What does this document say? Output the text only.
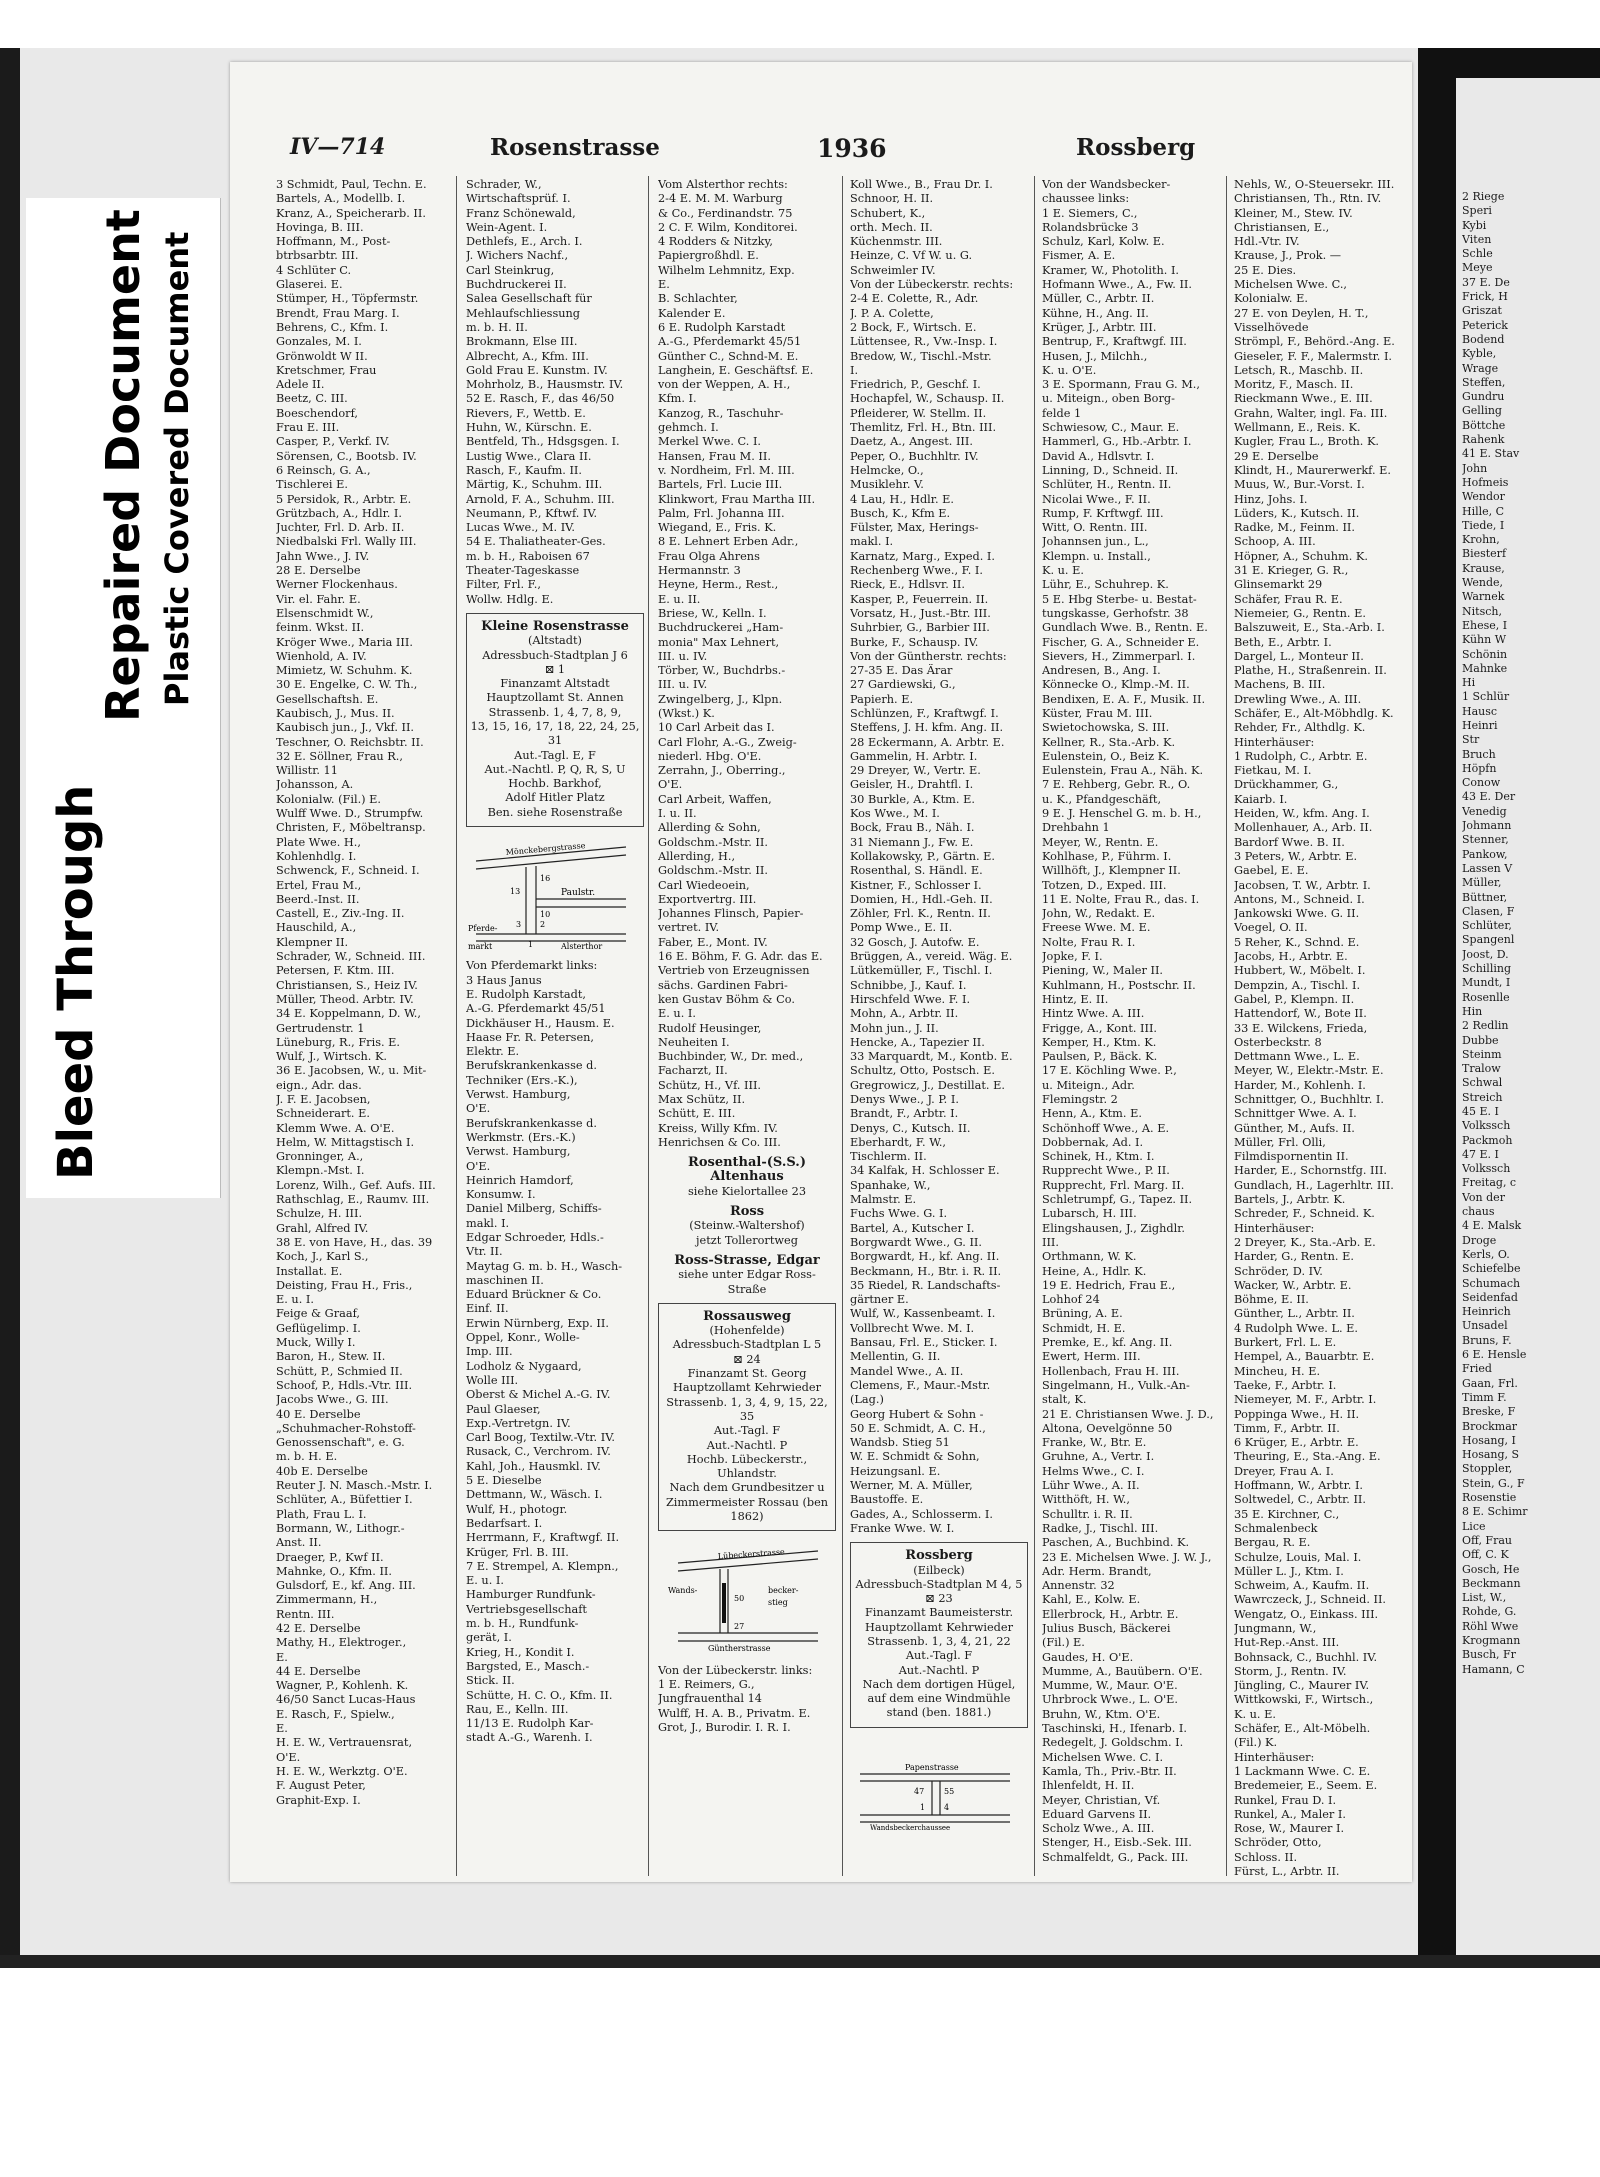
Bleed Through
Repaired Document Plastic Covered Document
IV—714	Rosenstrasse	1936	Rossberg

3 Schmidt, Paul, Techn. E.

Bartels, A., Modellb. I.

Kranz, A., Speicherarb. II.

Hovinga, B. III.

Hoffmann, M., Post-

btrbsarbtr. III.

4 Schlüter C.

Glaserei. E.

Stümper, H., Töpfermstr.

Brendt, Frau Marg. I.

Behrens, C., Kfm. I.

Gonzales, M. I.

Grönwoldt W II.

Kretschmer, Frau

Adele II.

Beetz, C. III.

Boeschendorf,

Frau E. III.

Casper, P., Verkf. IV.

Sörensen, C., Bootsb. IV.

6 Reinsch, G. A.,

Tischlerei E.

5 Persidok, R., Arbtr. E.

Grützbach, A., Hdlr. I.

Juchter, Frl. D. Arb. II.

Niedbalski Frl. Wally III.

Jahn Wwe., J. IV.

28 E. Derselbe

Werner Flockenhaus.

Vir. el. Fahr. E.

Elsenschmidt W.,

feinm. Wkst. II.

Kröger Wwe., Maria III.

Wienhold, A. IV.

Mimietz, W. Schuhm. K.

30 E. Engelke, C. W. Th.,

Gesellschaftsh. E.

Kaubisch, J., Mus. II.

Kaubisch jun., J., Vkf. II.

Teschner, O. Reichsbtr. II.

32 E. Söllner, Frau R.,

Willistr. 11

Johansson, A.

Kolonialw. (Fil.) E.

Wulff Wwe. D., Strumpfw.

Christen, F., Möbeltransp.

Plate Wwe. H.,

Kohlenhdlg. I.

Schwenck, F., Schneid. I.

Ertel, Frau M.,

Beerd.-Inst. II.

Castell, E., Ziv.-Ing. II.

Hauschild, A.,

Klempner II.

Schrader, W., Schneid. III.

Petersen, F. Ktm. III.

Christiansen, S., Heiz IV.

Müller, Theod. Arbtr. IV.

34 E. Koppelmann, D. W.,

Gertrudenstr. 1

Lüneburg, R., Fris. E.

Wulf, J., Wirtsch. K.

36 E. Jacobsen, W., u. Mit-

eign., Adr. das.

J. F. E. Jacobsen,

Schneiderart. E.

Klemm Wwe. A. O'E.

Helm, W. Mittagstisch I.

Gronninger, A.,

Klempn.-Mst. I.

Lorenz, Wilh., Gef. Aufs. III.

Rathschlag, E., Raumv. III.

Schulze, H. III.

Grahl, Alfred IV.

38 E. von Have, H., das. 39

Koch, J., Karl S.,

Installat. E.

Deisting, Frau H., Fris.,

E. u. I.

Feige & Graaf,

Geflügelimp. I.

Muck, Willy I.

Baron, H., Stew. II.

Schütt, P., Schmied II.

Schoof, P., Hdls.-Vtr. III.

Jacobs Wwe., G. III.

40 E. Derselbe

„Schuhmacher-Rohstoff-

Genossenschaft", e. G.

m. b. H. E.

40b E. Derselbe

Reuter J. N. Masch.-Mstr. I.

Schlüter, A., Büfettier I.

Plath, Frau L. I.

Bormann, W., Lithogr.-

Anst. II.

Draeger, P., Kwf II.

Mahnke, O., Kfm. II.

Gulsdorf, E., kf. Ang. III.

Zimmermann, H.,

Rentn. III.

42 E. Derselbe

Mathy, H., Elektroger.,

E.

44 E. Derselbe

Wagner, P., Kohlenh. K.

46/50 Sanct Lucas-Haus

E. Rasch, F., Spielw.,

E.

H. E. W., Vertrauensrat,

O'E.

H. E. W., Werkztg. O'E.

F. August Peter,

Graphit-Exp. I.

Schrader, W.,

Wirtschaftsprüf. I.

Franz Schönewald,

Wein-Agent. I.

Dethlefs, E., Arch. I.

J. Wichers Nachf.,

Carl Steinkrug,

Buchdruckerei II.

Salea Gesellschaft für

Mehlaufschliessung

m. b. H. II.

Brokmann, Else III.

Albrecht, A., Kfm. III.

Gold Frau E. Kunstm. IV.

Mohrholz, B., Hausmstr. IV.

52 E. Rasch, F., das 46/50

Rievers, F., Wettb. E.

Huhn, W., Kürschn. E.

Bentfeld, Th., Hdsgsgen. I.

Lustig Wwe., Clara II.

Rasch, F., Kaufm. II.

Märtig, K., Schuhm. III.

Arnold, F. A., Schuhm. III.

Neumann, P., Kftwf. IV.

Lucas Wwe., M. IV.

54 E. Thaliatheater-Ges.

m. b. H., Raboisen 67

Theater-Tageskasse

Filter, Frl. F.,

Wollw. Hdlg. E.

Kleine Rosenstrasse

(Altstadt)

Adressbuch-Stadtplan J 6

⊠ 1

Finanzamt Altstadt

Hauptzollamt St. Annen

Strassenb. 1, 4, 7, 8, 9,

13, 15, 16, 17, 18, 22, 24, 25, 31

Aut.-Tagl. E, F

Aut.-Nachtl. P, Q, R, S, U

Hochb. Barkhof,

Adolf Hitler Platz

Ben. siehe Rosenstraße

Mönckebergstrasse
Paulstr.
Pferde-
markt	Alsterthor
16
13
10
3 2
1

Von Pferdemarkt links:

3 Haus Janus

E. Rudolph Karstadt,

A.-G. Pferdemarkt 45/51

Dickhäuser H., Hausm. E.

Haase Fr. R. Petersen,

Elektr. E.

Berufskrankenkasse d.

Techniker (Ers.-K.),

Verwst. Hamburg,

O'E.

Berufskrankenkasse d.

Werkmstr. (Ers.-K.)

Verwst. Hamburg,

O'E.

Heinrich Hamdorf,

Konsumw. I.

Daniel Milberg, Schiffs-

makl. I.

Edgar Schroeder, Hdls.-

Vtr. II.

Maytag G. m. b. H., Wasch-

maschinen II.

Eduard Brückner & Co.

Einf. II.

Erwin Nürnberg, Exp. II.

Oppel, Konr., Wolle-

Imp. III.

Lodholz & Nygaard,

Wolle III.

Oberst & Michel A.-G. IV.

Paul Glaeser,

Exp.-Vertretgn. IV.

Carl Boog, Textilw.-Vtr. IV.

Rusack, C., Verchrom. IV.

Kahl, Joh., Hausmkl. IV.

5 E. Dieselbe

Dettmann, W., Wäsch. I.

Wulf, H., photogr.

Bedarfsart. I.

Herrmann, F., Kraftwgf. II.

Krüger, Frl. B. III.

7 E. Strempel, A. Klempn.,

E. u. I.

Hamburger Rundfunk-

Vertriebsgesellschaft

m. b. H., Rundfunk-

gerät, I.

Krieg, H., Kondit I.

Bargsted, E., Masch.-

Stick. II.

Schütte, H. C. O., Kfm. II.

Rau, E., Kelln. III.

11/13 E. Rudolph Kar-

stadt A.-G., Warenh. I.

Vom Alsterthor rechts:

2-4 E. M. M. Warburg

& Co., Ferdinandstr. 75

2 C. F. Wilm, Konditorei.

4 Rodders & Nitzky,

Papiergroßhdl. E.

Wilhelm Lehmnitz, Exp.

E.

B. Schlachter,

Kalender E.

6 E. Rudolph Karstadt

A.-G., Pferdemarkt 45/51

Günther C., Schnd-M. E.

Langhein, E. Geschäftsf. E.

von der Weppen, A. H.,

Kfm. I.

Kanzog, R., Taschuhr-

gehmch. I.

Merkel Wwe. C. I.

Hansen, Frau M. II.

v. Nordheim, Frl. M. III.

Bartels, Frl. Lucie III.

Klinkwort, Frau Martha III.

Palm, Frl. Johanna III.

Wiegand, E., Fris. K.

8 E. Lehnert Erben Adr.,

Frau Olga Ahrens

Hermannstr. 3

Heyne, Herm., Rest.,

E. u. II.

Briese, W., Kelln. I.

Buchdruckerei „Ham-

monia" Max Lehnert,

III. u. IV.

Törber, W., Buchdrbs.-

III. u. IV.

Zwingelberg, J., Klpn.

(Wkst.) K.

10 Carl Arbeit das I.

Carl Flohr, A.-G., Zweig-

niederl. Hbg. O'E.

Zerrahn, J., Oberring.,

O'E.

Carl Arbeit, Waffen,

I. u. II.

Allerding & Sohn,

Goldschm.-Mstr. II.

Allerding, H.,

Goldschm.-Mstr. II.

Carl Wiedeoein,

Exportvertrg. III.

Johannes Flinsch, Papier-

vertret. IV.

Faber, E., Mont. IV.

16 E. Böhm, F. G. Adr. das E.

Vertrieb von Erzeugnissen

sächs. Gardinen Fabri-

ken Gustav Böhm & Co.

E. u. I.

Rudolf Heusinger,

Neuheiten I.

Buchbinder, W., Dr. med.,

Facharzt, II.

Schütz, H., Vf. III.

Max Schütz, II.

Schütt, E. III.

Kreiss, Willy Kfm. IV.

Henrichsen & Co. III.

Rosenthal-(S.S.) Altenhaus

siehe Kielortallee 23

Ross

(Steinw.-Waltershof)

jetzt Tollerortweg

Ross-Strasse, Edgar

siehe unter Edgar Ross-

Straße

Rossausweg

(Hohenfelde)

Adressbuch-Stadtplan L 5

⊠ 24

Finanzamt St. Georg

Hauptzollamt Kehrwieder

Strassenb. 1, 3, 4, 9, 15, 22, 35

Aut.-Tagl. F

Aut.-Nachtl. P

Hochb. Lübeckerstr.,

Uhlandstr.

Nach dem Grundbesitzer u

Zimmermeister Rossau (ben

1862)

Lübeckerstrasse
Wands-	becker-
stieg
50
27
Güntherstrasse

Von der Lübeckerstr. links:

1 E. Reimers, G.,

Jungfrauenthal 14

Wulff, H. A. B., Privatm. E.

Grot, J., Burodir. I. R. I.

Koll Wwe., B., Frau Dr. I.

Schnoor, H. II.

Schubert, K.,

orth. Mech. II.

Küchenmstr. III.

Heinze, C. Vf W. u. G.

Schweimler IV.

Von der Lübeckerstr. rechts:

2-4 E. Colette, R., Adr.

J. P. A. Colette,

2 Bock, F., Wirtsch. E.

Lüttensee, R., Vw.-Insp. I.

Bredow, W., Tischl.-Mstr.

I.

Friedrich, P., Geschf. I.

Hochapfel, W., Schausp. II.

Pfleiderer, W. Stellm. II.

Themlitz, Frl. H., Btn. III.

Daetz, A., Angest. III.

Peper, O., Buchhltr. IV.

Helmcke, O.,

Musiklehr. V.

4 Lau, H., Hdlr. E.

Busch, K., Kfm E.

Fülster, Max, Herings-

makl. I.

Karnatz, Marg., Exped. I.

Rechenberg Wwe., F. I.

Rieck, E., Hdlsvr. II.

Kasper, P., Feuerrein. II.

Vorsatz, H., Just.-Btr. III.

Suhrbier, G., Barbier III.

Burke, F., Schausp. IV.

Von der Güntherstr. rechts:

27-35 E. Das Ärar

27 Gardiewski, G.,

Papierh. E.

Schlünzen, F., Kraftwgf. I.

Steffens, J. H. kfm. Ang. II.

28 Eckermann, A. Arbtr. E.

Gammelin, H. Arbtr. I.

29 Dreyer, W., Vertr. E.

Geisler, H., Drahtfl. I.

30 Burkle, A., Ktm. E.

Kos Wwe., M. I.

Bock, Frau B., Näh. I.

31 Niemann J., Fw. E.

Kollakowsky, P., Gärtn. E.

Rosenthal, S. Händl. E.

Kistner, F., Schlosser I.

Domien, H., Hdl.-Geh. II.

Zöhler, Frl. K., Rentn. II.

Pomp Wwe., E. II.

32 Gosch, J. Autofw. E.

Brüggen, A., vereid. Wäg. E.

Lütkemüller, F., Tischl. I.

Schnibbe, J., Kauf. I.

Hirschfeld Wwe. F. I.

Mohn, A., Arbtr. II.

Mohn jun., J. II.

Hencke, A., Tapezier II.

33 Marquardt, M., Kontb. E.

Schultz, Otto, Postsch. E.

Gregrowicz, J., Destillat. E.

Denys Wwe., J. P. I.

Brandt, F., Arbtr. I.

Denys, C., Kutsch. II.

Eberhardt, F. W.,

Tischlerm. II.

34 Kalfak, H. Schlosser E.

Spanhake, W.,

Malmstr. E.

Fuchs Wwe. G. I.

Bartel, A., Kutscher I.

Borgwardt Wwe., G. II.

Borgwardt, H., kf. Ang. II.

Beckmann, H., Btr. i. R. II.

35 Riedel, R. Landschafts-

gärtner E.

Wulf, W., Kassenbeamt. I.

Vollbrecht Wwe. M. I.

Bansau, Frl. E., Sticker. I.

Mellentin, G. II.

Mandel Wwe., A. II.

Clemens, F., Maur.-Mstr.

(Lag.)

Georg Hubert & Sohn -

50 E. Schmidt, A. C. H.,

Wandsb. Stieg 51

W. E. Schmidt & Sohn,

Heizungsanl. E.

Werner, M. A. Müller,

Baustoffe. E.

Gades, A., Schlosserm. I.

Franke Wwe. W. I.

Rossberg

(Eilbeck)

Adressbuch-Stadtplan M 4, 5

⊠ 23

Finanzamt Baumeisterstr.

Hauptzollamt Kehrwieder

Strassenb. 1, 3, 4, 21, 22

Aut.-Tagl. F

Aut.-Nachtl. P

Nach dem dortigen Hügel,

auf dem eine Windmühle

stand (ben. 1881.)

Papenstrasse
47 55
1 4
Wandsbeckerchaussee

Von der Wandsbecker-

chaussee links:

1 E. Siemers, C.,

Rolandsbrücke 3

Schulz, Karl, Kolw. E.

Fismer, A. E.

Kramer, W., Photolith. I.

Hofmann Wwe., A., Fw. II.

Müller, C., Arbtr. II.

Kühne, H., Ang. II.

Krüger, J., Arbtr. III.

Bentrup, F., Kraftwgf. III.

Husen, J., Milchh.,

K. u. O'E.

3 E. Spormann, Frau G. M.,

u. Miteign., oben Borg-

felde 1

Schwiesow, C., Maur. E.

Hammerl, G., Hb.-Arbtr. I.

David A., Hdlsvtr. I.

Linning, D., Schneid. II.

Schlüter, H., Rentn. II.

Nicolai Wwe., F. II.

Rump, F. Krftwgf. III.

Witt, O. Rentn. III.

Johannsen jun., L.,

Klempn. u. Install.,

K. u. E.

Lühr, E., Schuhrep. K.

5 E. Hbg Sterbe- u. Bestat-

tungskasse, Gerhofstr. 38

Gundlach Wwe. B., Rentn. E.

Fischer, G. A., Schneider E.

Sievers, H., Zimmerparl. I.

Andresen, B., Ang. I.

Könnecke O., Klmp.-M. II.

Bendixen, E. A. F., Musik. II.

Küster, Frau M. III.

Swietochowska, S. III.

Kellner, R., Sta.-Arb. K.

Eulenstein, O., Beiz K.

Eulenstein, Frau A., Näh. K.

7 E. Rehberg, Gebr. R., O.

u. K., Pfandgeschäft,

9 E. J. Henschel G. m. b. H.,

Drehbahn 1

Meyer, W., Rentn. E.

Kohlhase, P., Führm. I.

Willhöft, J., Klempner II.

Totzen, D., Exped. III.

11 E. Nolte, Frau R., das. I.

John, W., Redakt. E.

Freese Wwe. M. E.

Nolte, Frau R. I.

Jopke, F. I.

Piening, W., Maler II.

Kuhlmann, H., Postschr. II.

Hintz, E. II.

Hintz Wwe. A. III.

Frigge, A., Kont. III.

Kemper, H., Ktm. K.

Paulsen, P., Bäck. K.

17 E. Köchling Wwe. P.,

u. Miteign., Adr.

Flemingstr. 2

Henn, A., Ktm. E.

Schönhoff Wwe., A. E.

Dobbernak, Ad. I.

Schinek, H., Ktm. I.

Rupprecht Wwe., P. II.

Rupprecht, Frl. Marg. II.

Schletrumpf, G., Tapez. II.

Lubarsch, H. III.

Elingshausen, J., Zighdlr.

III.

Orthmann, W. K.

Heine, A., Hdlr. K.

19 E. Hedrich, Frau E.,

Lohhof 24

Brüning, A. E.

Schmidt, H. E.

Premke, E., kf. Ang. II.

Ewert, Herm. III.

Hollenbach, Frau H. III.

Singelmann, H., Vulk.-An-

stalt, K.

21 E. Christiansen Wwe. J. D.,

Altona, Oevelgönne 50

Franke, W., Btr. E.

Gruhne, A., Vertr. I.

Helms Wwe., C. I.

Lühr Wwe., A. II.

Witthöft, H. W.,

Schulltr. i. R. II.

Radke, J., Tischl. III.

Paschen, A., Buchbind. K.

23 E. Michelsen Wwe. J. W. J.,

Adr. Herm. Brandt,

Annenstr. 32

Kahl, E., Kolw. E.

Ellerbrock, H., Arbtr. E.

Julius Busch, Bäckerei

(Fil.) E.

Gaudes, H. O'E.

Mumme, A., Bauübern. O'E.

Mumme, W., Maur. O'E.

Uhrbrock Wwe., L. O'E.

Bruhn, W., Ktm. O'E.

Taschinski, H., Ifenarb. I.

Redegelt, J. Goldschm. I.

Michelsen Wwe. C. I.

Kamla, Th., Priv.-Btr. II.

Ihlenfeldt, H. II.

Meyer, Christian, Vf.

Eduard Garvens II.

Scholz Wwe., A. III.

Stenger, H., Eisb.-Sek. III.

Schmalfeldt, G., Pack. III.

Nehls, W., O-Steuersekr. III.

Christiansen, Th., Rtn. IV.

Kleiner, M., Stew. IV.

Christiansen, E.,

Hdl.-Vtr. IV.

Krause, J., Prok. —

25 E. Dies.

Michelsen Wwe. C.,

Kolonialw. E.

27 E. von Deylen, H. T.,

Visselhövede

Strömpl, F., Behörd.-Ang. E.

Gieseler, F. F., Malermstr. I.

Letsch, R., Maschb. II.

Moritz, F., Masch. II.

Rieckmann Wwe., E. III.

Grahn, Walter, ingl. Fa. III.

Wellmann, E., Reis. K.

Kugler, Frau L., Broth. K.

29 E. Derselbe

Klindt, H., Maurerwerkf. E.

Muus, W., Bur.-Vorst. I.

Hinz, Johs. I.

Lüders, K., Kutsch. II.

Radke, M., Feinm. II.

Schoop, A. III.

Höpner, A., Schuhm. K.

31 E. Krieger, G. R.,

Glinsemarkt 29

Schäfer, Frau R. E.

Niemeier, G., Rentn. E.

Balszuweit, E., Sta.-Arb. I.

Beth, E., Arbtr. I.

Dargel, L., Monteur II.

Plathe, H., Straßenrein. II.

Machens, B. III.

Drewling Wwe., A. III.

Schäfer, E., Alt-Möbhdlg. K.

Rehder, Fr., Althdlg. K.

Hinterhäuser:

1 Rudolph, C., Arbtr. E.

Fietkau, M. I.

Drückhammer, G.,

Kaiarb. I.

Heiden, W., kfm. Ang. I.

Mollenhauer, A., Arb. II.

Bardorf Wwe. B. II.

3 Peters, W., Arbtr. E.

Gaebel, E. E.

Jacobsen, T. W., Arbtr. I.

Antons, M., Schneid. I.

Jankowski Wwe. G. II.

Voegel, O. II.

5 Reher, K., Schnd. E.

Jacobs, H., Arbtr. E.

Hubbert, W., Möbelt. I.

Dempzin, A., Tischl. I.

Gabel, P., Klempn. II.

Hattendorf, W., Bote II.

33 E. Wilckens, Frieda,

Osterbeckstr. 8

Dettmann Wwe., L. E.

Meyer, W., Elektr.-Mstr. E.

Harder, M., Kohlenh. I.

Schnittger, O., Buchhltr. I.

Schnittger Wwe. A. I.

Günther, M., Aufs. II.

Müller, Frl. Olli,

Filmdispornentin II.

Harder, E., Schornstfg. III.

Gundlach, H., Lagerhltr. III.

Bartels, J., Arbtr. K.

Schreder, F., Schneid. K.

Hinterhäuser:

2 Dreyer, K., Sta.-Arb. E.

Harder, G., Rentn. E.

Schröder, D. IV.

Wacker, W., Arbtr. E.

Böhme, E. II.

Günther, L., Arbtr. II.

4 Rudolph Wwe. L. E.

Burkert, Frl. L. E.

Hempel, A., Bauarbtr. E.

Mincheu, H. E.

Taeke, F., Arbtr. I.

Niemeyer, M. F., Arbtr. I.

Poppinga Wwe., H. II.

Timm, F., Arbtr. II.

6 Krüger, E., Arbtr. E.

Theuring, E., Sta.-Ang. E.

Dreyer, Frau A. I.

Hoffmann, W., Arbtr. I.

Soltwedel, C., Arbtr. II.

35 E. Kirchner, C.,

Schmalenbeck

Bergau, R. E.

Schulze, Louis, Mal. I.

Müller L. J., Ktm. I.

Schweim, A., Kaufm. II.

Wawrczeck, J., Schneid. II.

Wengatz, O., Einkass. III.

Jungmann, W.,

Hut-Rep.-Anst. III.

Bohnsack, C., Buchhl. IV.

Storm, J., Rentn. IV.

Jüngling, C., Maurer IV.

Wittkowski, F., Wirtsch.,

K. u. E.

Schäfer, E., Alt-Möbelh.

(Fil.) K.

Hinterhäuser:

1 Lackmann Wwe. C. E.

Bredemeier, E., Seem. E.

Runkel, Frau D. I.

Runkel, A., Maler I.

Rose, W., Maurer I.

Schröder, Otto,

Schloss. II.

Fürst, L., Arbtr. II.

2 Riege

Speri

Kybi

Viten

Schle

Meye

37 E. De

Frick, H

Griszat

Peterick

Bodend

Kyble,

Wrage

Steffen,

Gundru

Gelling

Böttche

Rahenk

41 E. Stav

John

Hofmeis

Wendor

Hille, C

Tiede, I

Krohn,

Biesterf

Krause,

Wende,

Warnek

Nitsch,

Ehese, I

Kühn W

Schönin

Mahnke

Hi

1 Schlür

Hausc

Heinri

Str

Bruch

Höpfn

Conow

43 E. Der

Venedig

Johmann

Stenner,

Pankow,

Lassen V

Müller,

Büttner,

Clasen, F

Schlüter,

Spangenl

Joost, D.

Schilling

Mundt, I

Rosenlle

Hin

2 Redlin

Dubbe

Steinm

Tralow

Schwal

Streich

45 E. I

Volkssch

Packmoh

47 E. I

Volkssch

Freitag, c

Von der

chaus

4 E. Malsk

Droge

Kerls, O.

Schiefelbe

Schumach

Seidenfad

Heinrich

Unsadel

Bruns, F.

6 E. Hensle

Fried

Gaan, Frl.

Timm F.

Breske, F

Brockmar

Hosang, I

Hosang, S

Stoppler,

Stein, G., F

Rosenstie

8 E. Schimr

Lice

Off, Frau

Off, C. K

Gosch, He

Beckmann

List, W.,

Rohde, G.

Röhl Wwe

Krogmann

Busch, Fr

Hamann, C
